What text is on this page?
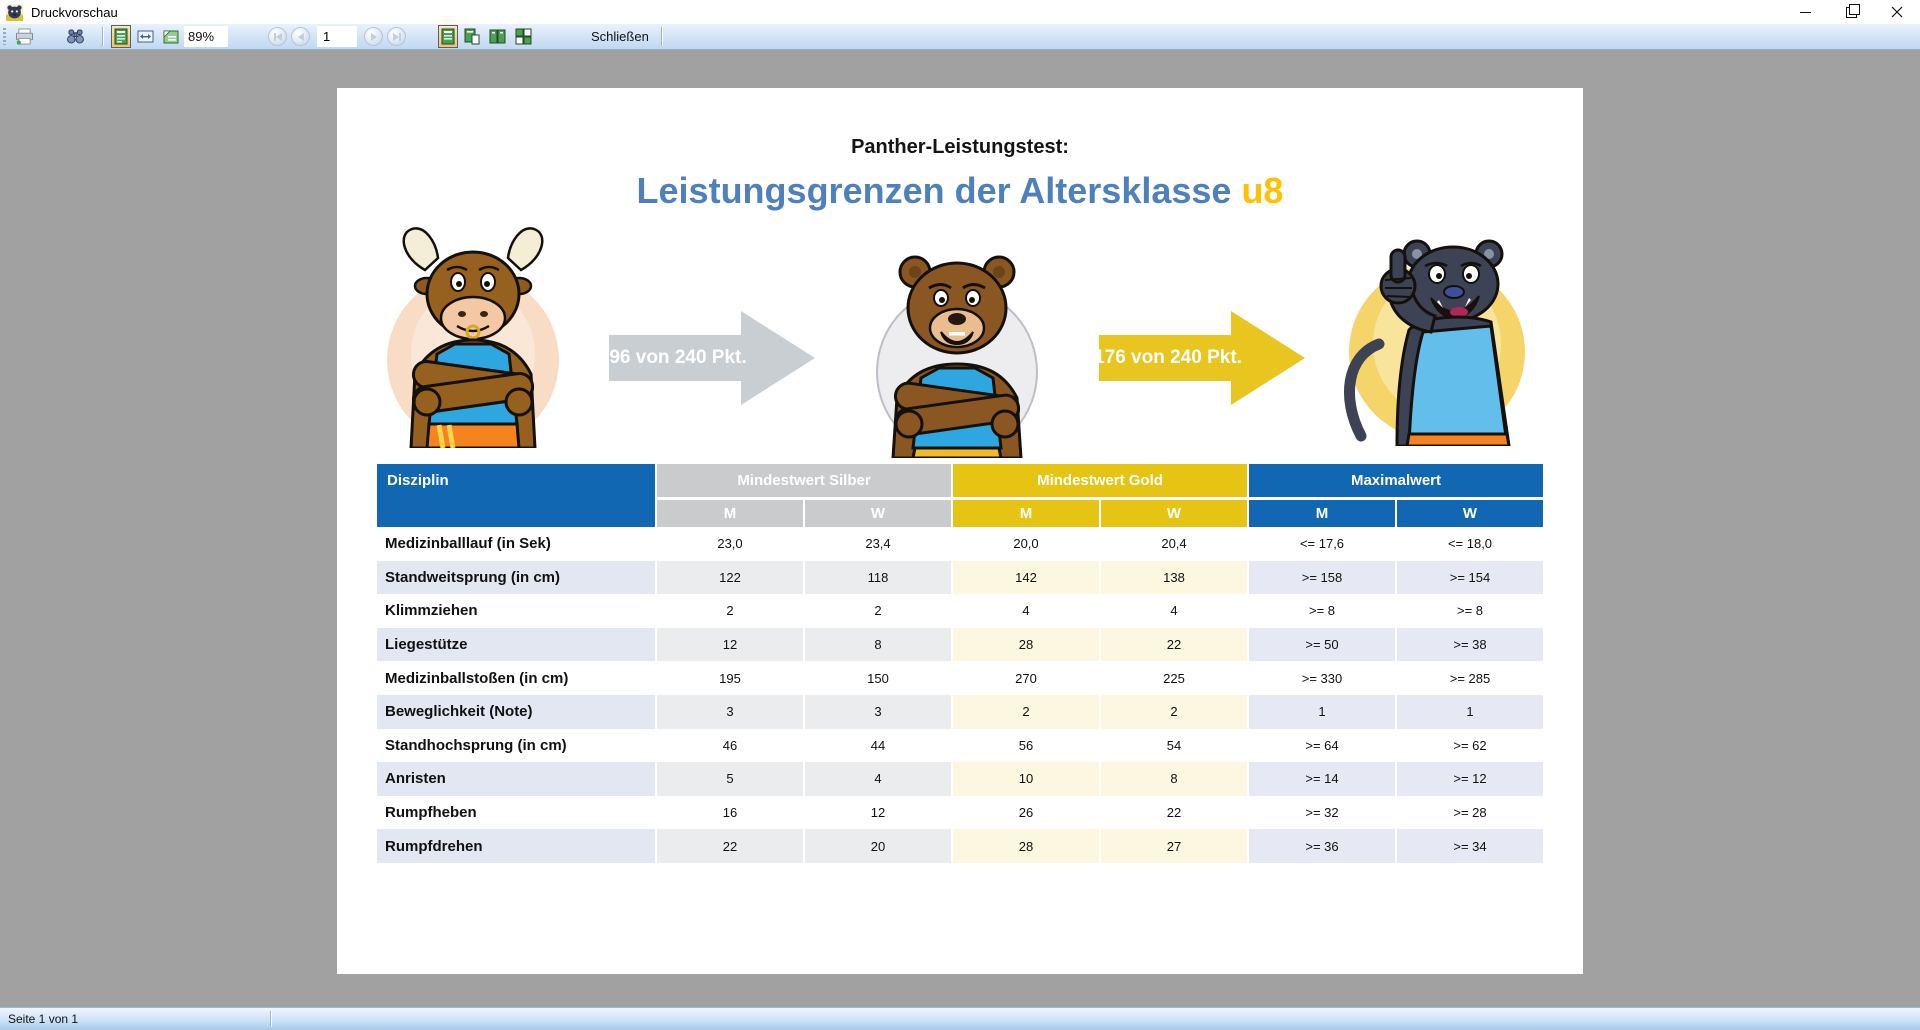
Druckvorschau
89%
1	Schließen
Panther-Leistungstest:
Leistungsgrenzen der Altersklasse u8
96 von 240 Pkt.	176 von 240 Pkt.
Disziplin	Mindestwert Silber	Mindestwert Gold	Maximalwert
M	W	M	W	M	W
Medizinballlauf (in Sek)	23,0	23,4	20,0	20,4	<= 17,6	<= 18,0
Standweitsprung (in cm)	122	118	142	138	>= 158	>= 154
Klimmziehen	2	2	4	4	>= 8	>= 8
Liegestütze	12	8	28	22	>= 50	>= 38
Medizinballstoßen (in cm)	195	150	270	225	>= 330	>= 285
Beweglichkeit (Note)	3	3	2	2	1	1
Standhochsprung (in cm)	46	44	56	54	>= 64	>= 62
Anristen	5	4	10	8	>= 14	>= 12
Rumpfheben	16	12	26	22	>= 32	>= 28
Rumpfdrehen	22	20	28	27	>= 36	>= 34
Seite 1 von 1
